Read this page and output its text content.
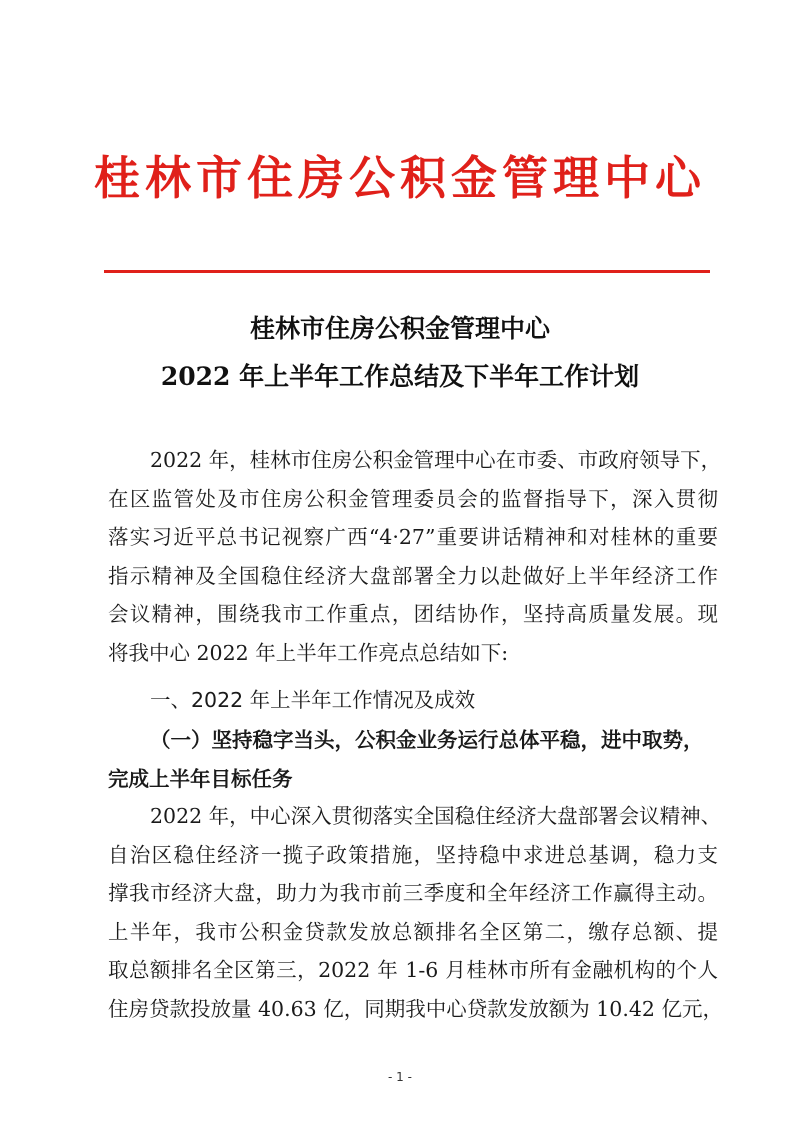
桂林市住房公积金管理中心
桂林市住房公积金管理中心
2022 年上半年工作总结及下半年工作计划
2022 年，桂林市住房公积金管理中心在市委、市政府领导下，
在区监管处及市住房公积金管理委员会的监督指导下，深入贯彻
落实习近平总书记视察广西“4·27”重要讲话精神和对桂林的重要
指示精神及全国稳住经济大盘部署全力以赴做好上半年经济工作
会议精神，围绕我市工作重点，团结协作，坚持高质量发展。现
将我中心 2022 年上半年工作亮点总结如下:
一、2022 年上半年工作情况及成效
（一）坚持稳字当头，公积金业务运行总体平稳，进中取势，
完成上半年目标任务
2022 年，中心深入贯彻落实全国稳住经济大盘部署会议精神、
自治区稳住经济一揽子政策措施，坚持稳中求进总基调，稳力支
撑我市经济大盘，助力为我市前三季度和全年经济工作赢得主动。
上半年，我市公积金贷款发放总额排名全区第二，缴存总额、提
取总额排名全区第三，2022 年 1-6 月桂林市所有金融机构的个人
住房贷款投放量 40.63 亿，同期我中心贷款发放额为 10.42 亿元，
- 1 -
